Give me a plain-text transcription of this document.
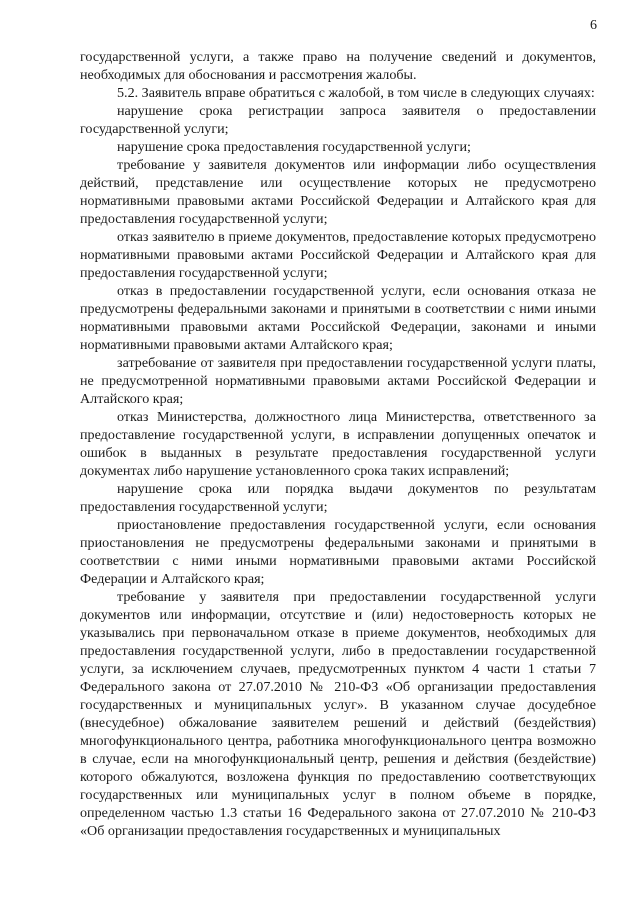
6

государственной услуги, а также право на получение сведений и документов, необходимых для обоснования и рассмотрения жалобы.

5.2. Заявитель вправе обратиться с жалобой, в том числе в следующих случаях:

нарушение срока регистрации запроса заявителя о предоставлении государственной услуги;

нарушение срока предоставления государственной услуги;

требование у заявителя документов или информации либо осуществления действий, представление или осуществление которых не предусмотрено нормативными правовыми актами Российской Федерации и Алтайского края для предоставления государственной услуги;

отказ заявителю в приеме документов, предоставление которых предусмотрено нормативными правовыми актами Российской Федерации и Алтайского края для предоставления государственной услуги;

отказ в предоставлении государственной услуги, если основания отказа не предусмотрены федеральными законами и принятыми в соответствии с ними иными нормативными правовыми актами Российской Федерации, законами и иными нормативными правовыми актами Алтайского края;

затребование от заявителя при предоставлении государственной услуги платы, не предусмотренной нормативными правовыми актами Российской Федерации и Алтайского края;

отказ Министерства, должностного лица Министерства, ответственного за предоставление государственной услуги, в исправлении допущенных опечаток и ошибок в выданных в результате предоставления государственной услуги документах либо нарушение установленного срока таких исправлений;

нарушение срока или порядка выдачи документов по результатам предоставления государственной услуги;

приостановление предоставления государственной услуги, если основания приостановления не предусмотрены федеральными законами и принятыми в соответствии с ними иными нормативными правовыми актами Российской Федерации и Алтайского края;

требование у заявителя при предоставлении государственной услуги документов или информации, отсутствие и (или) недостоверность которых не указывались при первоначальном отказе в приеме документов, необходимых для предоставления государственной услуги, либо в предоставлении государственной услуги, за исключением случаев, предусмотренных пунктом 4 части 1 статьи 7 Федерального закона от 27.07.2010 № 210-ФЗ «Об организации предоставления государственных и муниципальных услуг». В указанном случае досудебное (внесудебное) обжалование заявителем решений и действий (бездействия) многофункционального центра, работника многофункционального центра возможно в случае, если на многофункциональный центр, решения и действия (бездействие) которого обжалуются, возложена функция по предоставлению соответствующих государственных или муниципальных услуг в полном объеме в порядке, определенном частью 1.3 статьи 16 Федерального закона от 27.07.2010 № 210-ФЗ «Об организации предоставления государственных и муниципальных
